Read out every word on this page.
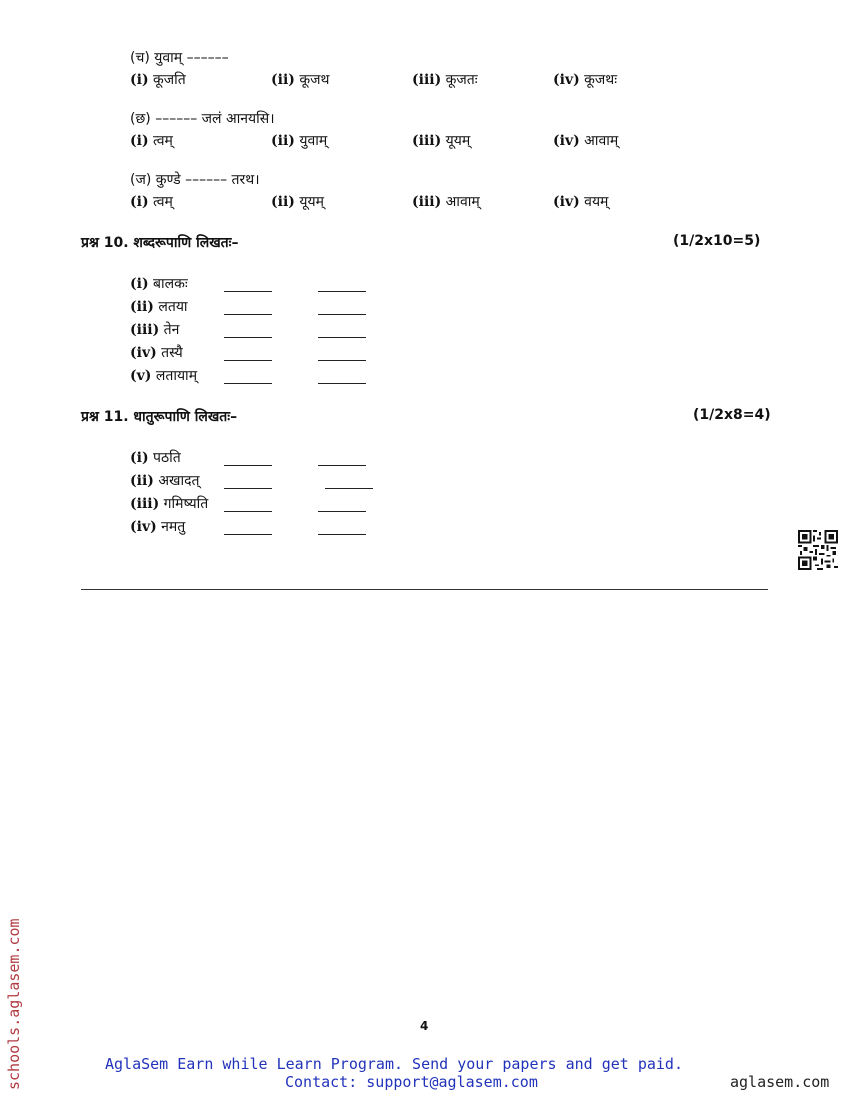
(च) युवाम् ––––––
(i) कूजति	(ii) कूजथ	(iii) कूजतः	(iv) कूजथः
(छ) –––––– जलं आनयसि।
(i) त्वम्	(ii) युवाम्	(iii) यूयम्	(iv) आवाम्
(ज) कुण्डे –––––– तरथ।
(i) त्वम्	(ii) यूयम्	(iii) आवाम्	(iv) वयम्
प्रश्न 10. शब्दरूपाणि लिखतः–	(1/2x10=5)
(i) बालकः
(ii) लतया
(iii) तेन
(iv) तस्यै
(v) लतायाम्
प्रश्न 11. धातुरूपाणि लिखतः–	(1/2x8=4)
(i) पठति
(ii) अखादत्
(iii) गमिष्यति
(iv) नमतु
4
AglaSem Earn while Learn Program. Send your papers and get paid.
Contact: support@aglasem.com	aglasem.com
schools.aglasem.com
